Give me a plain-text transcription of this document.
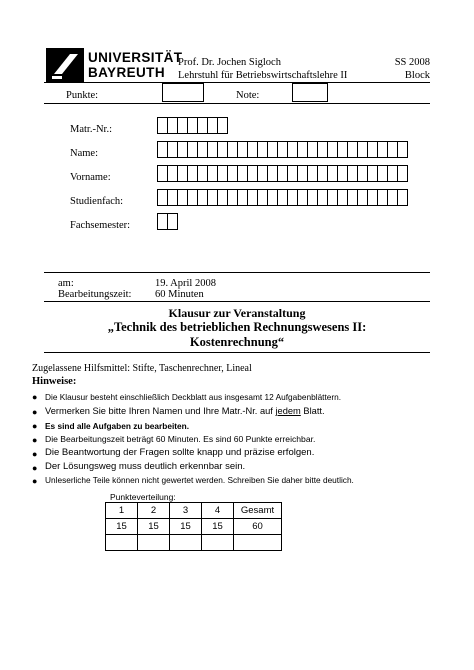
UNIVERSITÄT
BAYREUTH
Prof. Dr. Jochen Sigloch
Lehrstuhl für Betriebswirtschaftslehre II
SS 2008
Block
Punkte:	Note:
Matr.-Nr.:
Name:
Vorname:
Studienfach:
Fachsemester:
am:	19. April 2008
Bearbeitungszeit: 60 Minuten
Klausur zur Veranstaltung
„Technik des betrieblichen Rechnungswesens II:
Kostenrechnung“
Zugelassene Hilfsmittel: Stifte, Taschenrechner, Lineal
Hinweise:
● Die Klausur besteht einschließlich Deckblatt aus insgesamt 12 Aufgabenblättern.
● Vermerken Sie bitte Ihren Namen und Ihre Matr.-Nr. auf jedem Blatt.
● Es sind alle Aufgaben zu bearbeiten.
● Die Bearbeitungszeit beträgt 60 Minuten. Es sind 60 Punkte erreichbar.
● Die Beantwortung der Fragen sollte knapp und präzise erfolgen.
● Der Lösungsweg muss deutlich erkennbar sein.
● Unleserliche Teile können nicht gewertet werden. Schreiben Sie daher bitte deutlich.
Punkteverteilung:
1	2	3	4	Gesamt
15	15	15	15	60
